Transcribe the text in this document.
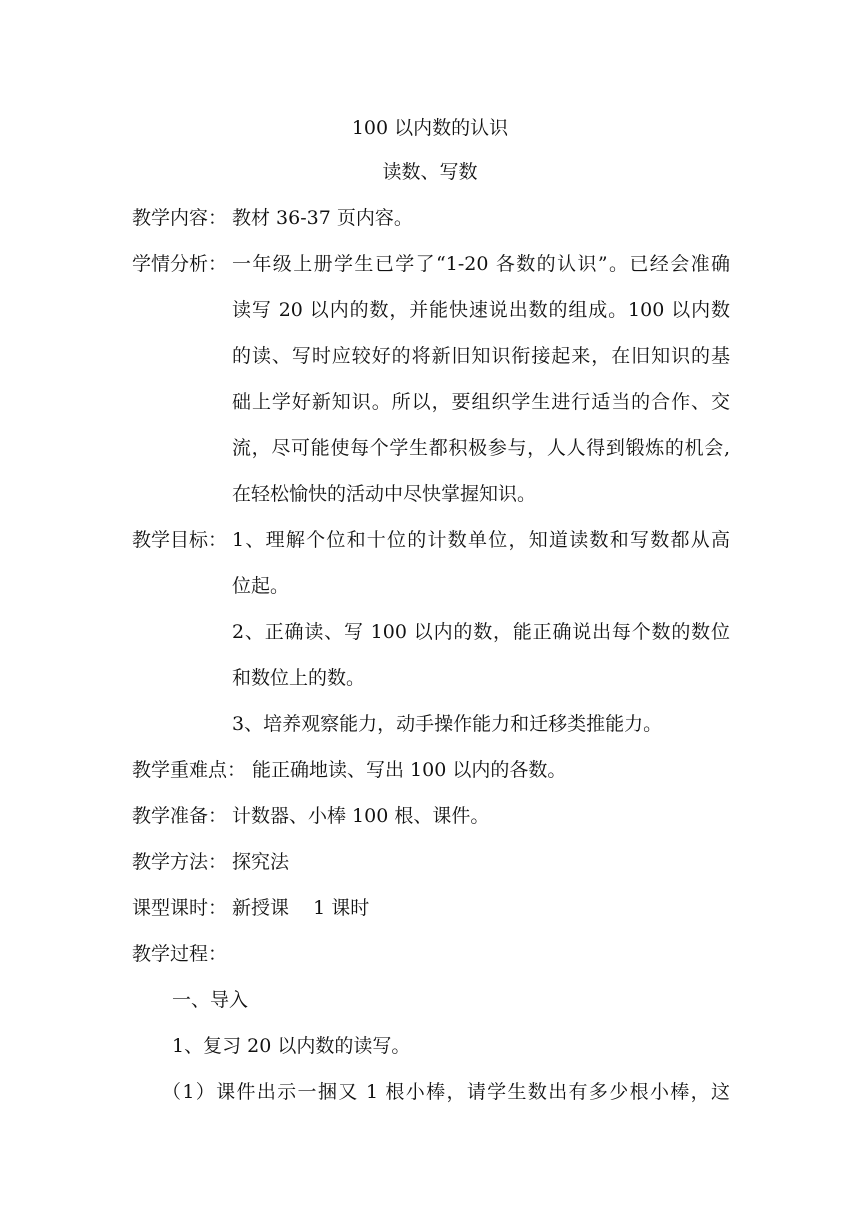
100 以内数的认识
读数、写数
教学内容： 教材 36-37 页内容。
学情分析： 一年级上册学生已学了“1-20 各数的认识”。已经会准确
读写 20 以内的数，并能快速说出数的组成。100 以内数
的读、写时应较好的将新旧知识衔接起来，在旧知识的基
础上学好新知识。所以，要组织学生进行适当的合作、交
流，尽可能使每个学生都积极参与，人人得到锻炼的机会,
在轻松愉快的活动中尽快掌握知识。
教学目标： 1、理解个位和十位的计数单位，知道读数和写数都从高
位起。
2、正确读、写 100 以内的数，能正确说出每个数的数位
和数位上的数。
3、培养观察能力，动手操作能力和迁移类推能力。
教学重难点： 能正确地读、写出 100 以内的各数。
教学准备： 计数器、小棒 100 根、课件。
教学方法： 探究法
课型课时： 新授课    1 课时
教学过程：
一、导入
1、复习 20 以内数的读写。
（1）课件出示一捆又 1 根小棒，请学生数出有多少根小棒，这
